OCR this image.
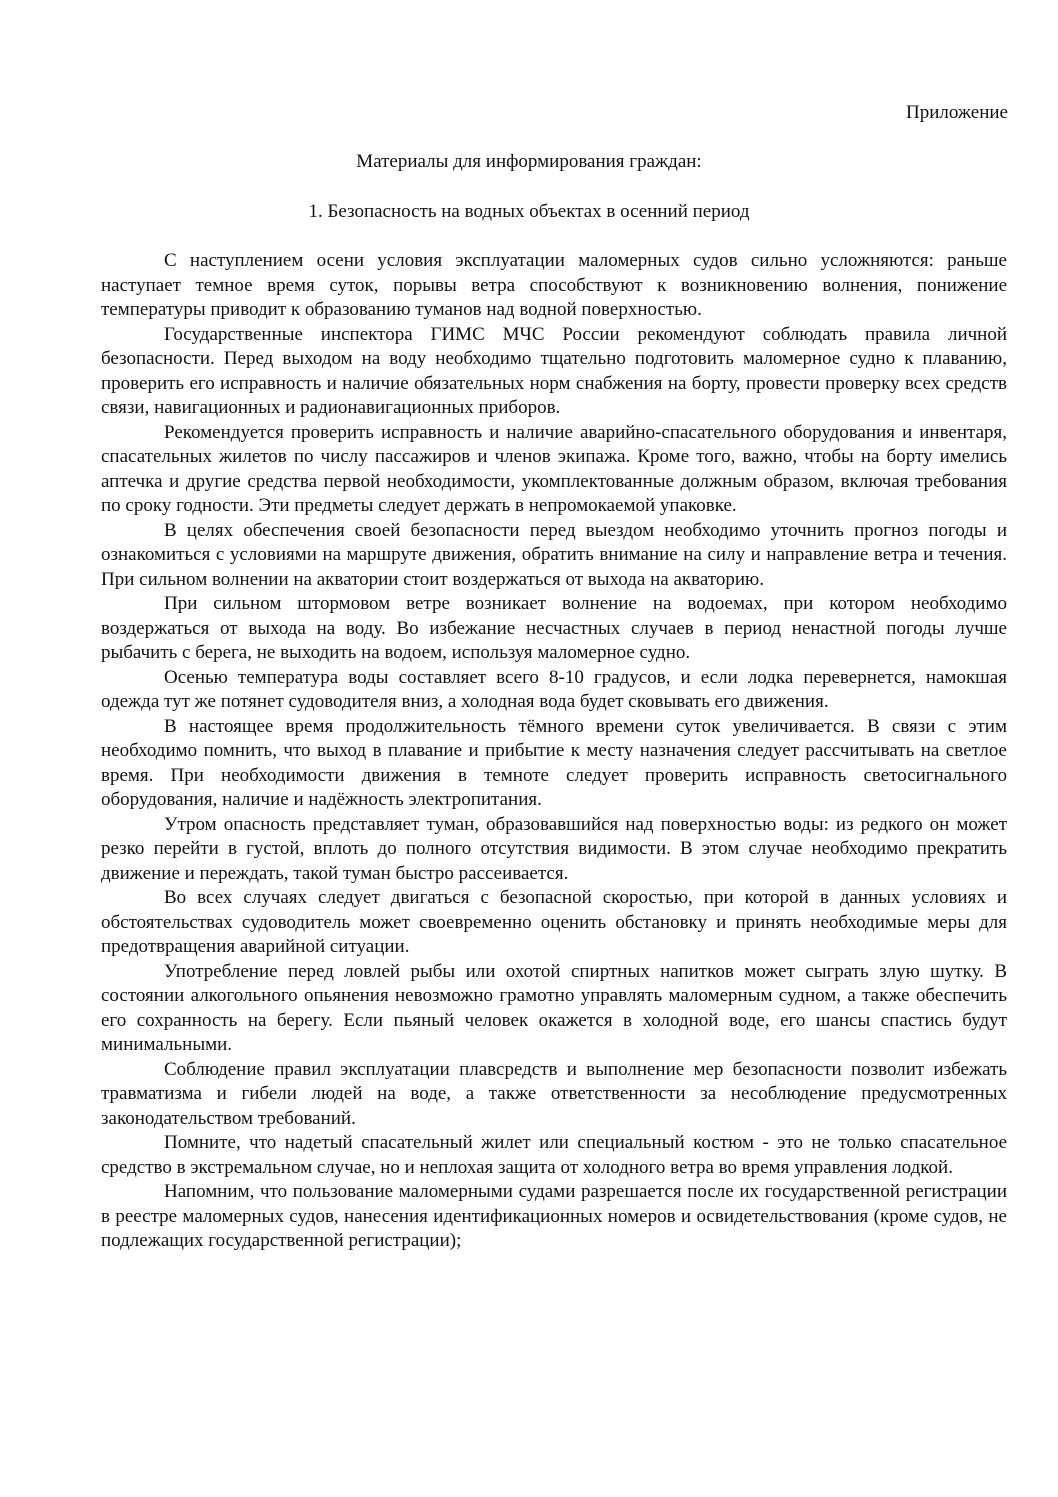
Приложение

Материалы для информирования граждан:
1. Безопасность на водных объектах в осенний период

С наступлением осени условия эксплуатации маломерных судов сильно усложняются: раньше наступает темное время суток, порывы ветра способствуют к возникновению волнения, понижение температуры приводит к образованию туманов над водной поверхностью.

Государственные инспектора ГИМС МЧС России рекомендуют соблюдать правила личной безопасности. Перед выходом на воду необходимо тщательно подготовить маломерное судно к плаванию, проверить его исправность и наличие обязательных норм снабжения на борту, провести проверку всех средств связи, навигационных и радионавигационных приборов.

Рекомендуется проверить исправность и наличие аварийно-спасательного оборудования и инвентаря, спасательных жилетов по числу пассажиров и членов экипажа. Кроме того, важно, чтобы на борту имелись аптечка и другие средства первой необходимости, укомплектованные должным образом, включая требования по сроку годности. Эти предметы следует держать в непромокаемой упаковке.

В целях обеспечения своей безопасности перед выездом необходимо уточнить прогноз погоды и ознакомиться с условиями на маршруте движения, обратить внимание на силу и направление ветра и течения. При сильном волнении на акватории стоит воздержаться от выхода на акваторию.

При сильном штормовом ветре возникает волнение на водоемах, при котором необходимо воздержаться от выхода на воду. Во избежание несчастных случаев в период ненастной погоды лучше рыбачить с берега, не выходить на водоем, используя маломерное судно.

Осенью температура воды составляет всего 8-10 градусов, и если лодка перевернется, намокшая одежда тут же потянет судоводителя вниз, а холодная вода будет сковывать его движения.

В настоящее время продолжительность тёмного времени суток увеличивается. В связи с этим необходимо помнить, что выход в плавание и прибытие к месту назначения следует рассчитывать на светлое время. При необходимости движения в темноте следует проверить исправность светосигнального оборудования, наличие и надёжность электропитания.

Утром опасность представляет туман, образовавшийся над поверхностью воды: из редкого он может резко перейти в густой, вплоть до полного отсутствия видимости. В этом случае необходимо прекратить движение и переждать, такой туман быстро рассеивается.

Во всех случаях следует двигаться с безопасной скоростью, при которой в данных условиях и обстоятельствах судоводитель может своевременно оценить обстановку и принять необходимые меры для предотвращения аварийной ситуации.

Употребление перед ловлей рыбы или охотой спиртных напитков может сыграть злую шутку. В состоянии алкогольного опьянения невозможно грамотно управлять маломерным судном, а также обеспечить его сохранность на берегу. Если пьяный человек окажется в холодной воде, его шансы спастись будут минимальными.

Соблюдение правил эксплуатации плавсредств и выполнение мер безопасности позволит избежать травматизма и гибели людей на воде, а также ответственности за несоблюдение предусмотренных законодательством требований.

Помните, что надетый спасательный жилет или специальный костюм - это не только спасательное средство в экстремальном случае, но и неплохая защита от холодного ветра во время управления лодкой.

Напомним, что пользование маломерными судами разрешается после их государственной регистрации в реестре маломерных судов, нанесения идентификационных номеров и освидетельствования (кроме судов, не подлежащих государственной регистрации);
